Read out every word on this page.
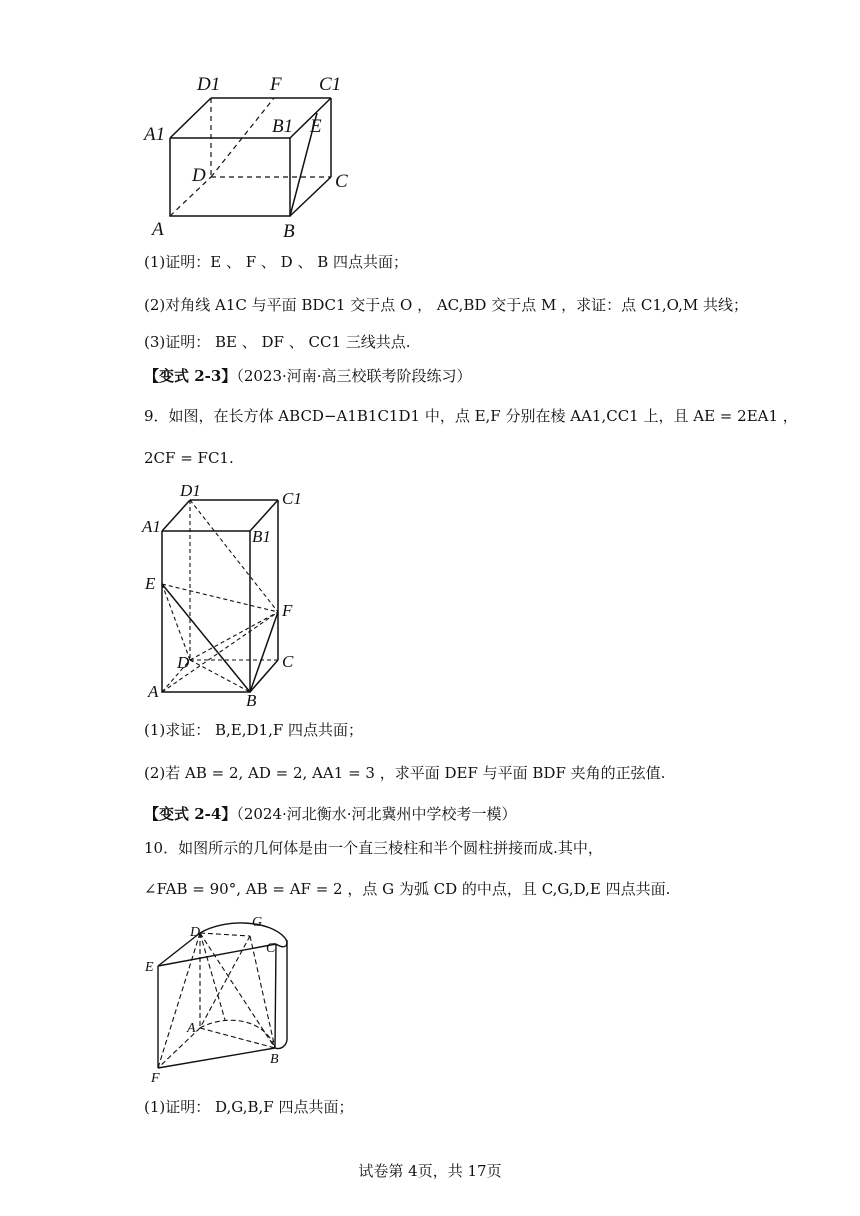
D1	F C1
A1	B1 E
D	C
A	B
(1)证明：E 、 F 、 D 、 B 四点共面；
(2)对角线 A1C 与平面 BDC1 交于点 O ， AC,BD 交于点 M ，求证：点 C1,O,M 共线；
(3)证明： BE 、 DF 、 CC1 三线共点.
【变式 2-3】（2023·河南·高三校联考阶段练习）
9．如图，在长方体 ABCD−A1B1C1D1 中，点 E,F 分别在棱 AA1,CC1 上，且 AE = 2EA1 ，
2CF = FC1.
D1	C1
A1
B1
E
F
D	C
A	B
(1)求证： B,E,D1,F 四点共面；
(2)若 AB = 2, AD = 2, AA1 = 3 ，求平面 DEF 与平面 BDF 夹角的正弦值.
【变式 2-4】（2024·河北衡水·河北冀州中学校考一模）
10．如图所示的几何体是由一个直三棱柱和半个圆柱拼接而成.其中，
∠FAB = 90°, AB = AF = 2 ，点 G 为弧 CD 的中点，且 C,G,D,E 四点共面.
G
D
C
E
A
B
F
(1)证明： D,G,B,F 四点共面；
试卷第 4页，共 17页
